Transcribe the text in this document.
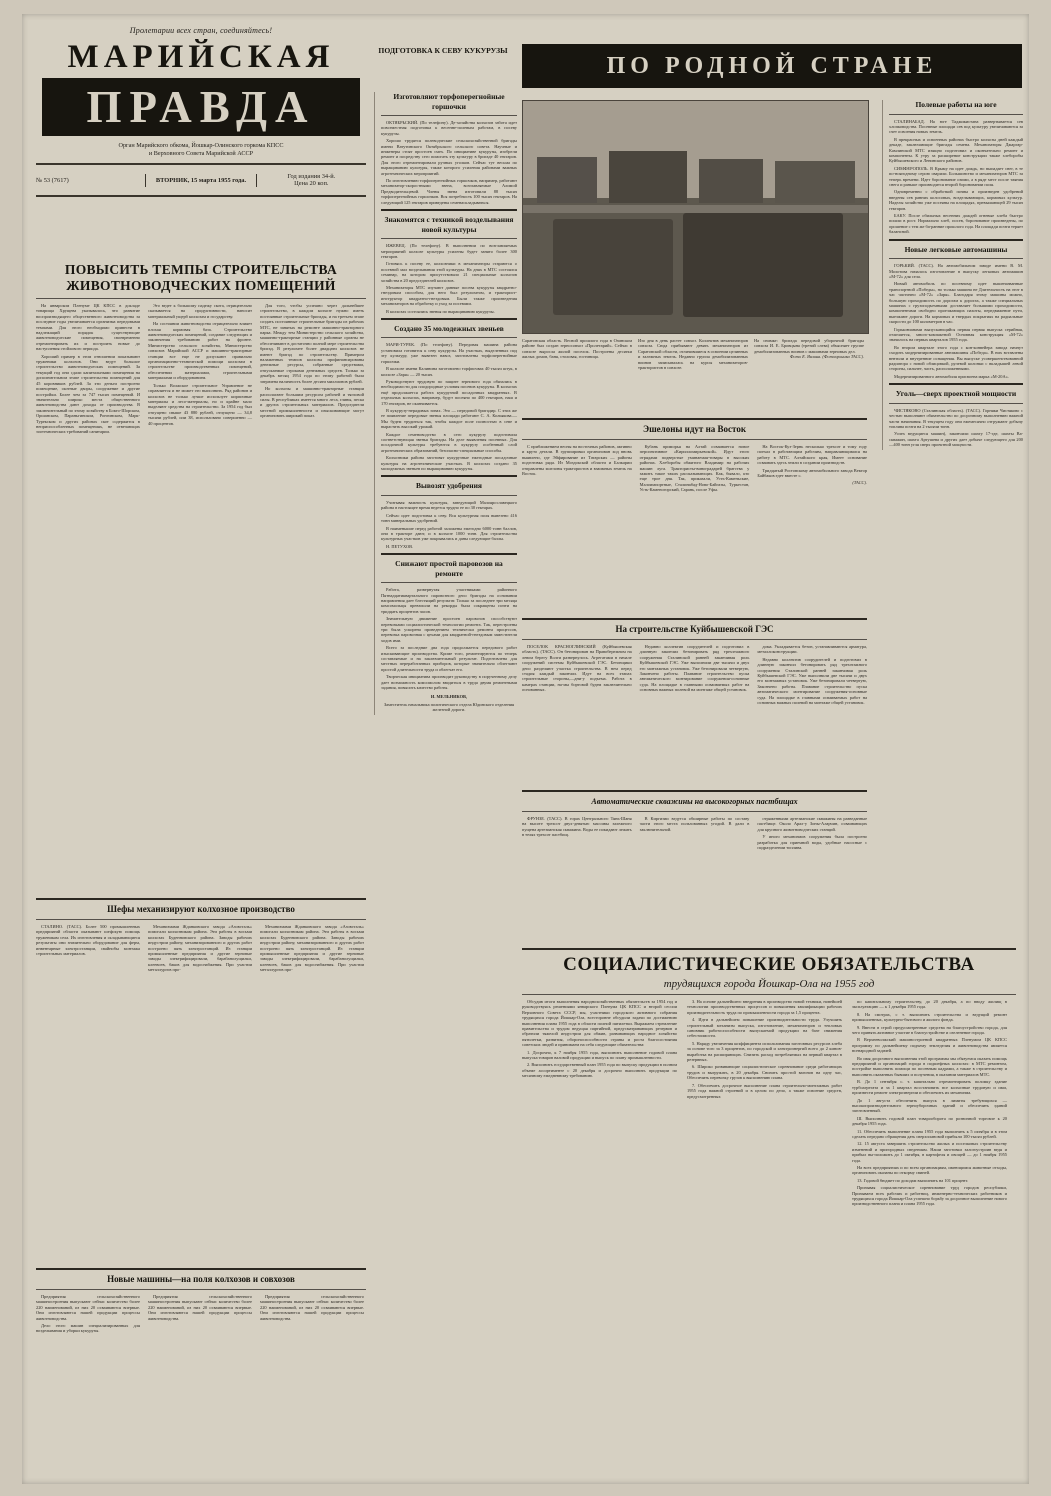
Пролетарии всех стран, соединяйтесь!
МАРИЙСКАЯ
ПРАВДА
Орган Марийского обкома, Йошкар-Олинского горкома КПСС
и Верховного Совета Марийской АССР
№ 53 (7617)	ВТОРНИК, 15 марта 1955 года.	Год издания 34-й.
Цена 20 коп.
ПОДГОТОВКА К СЕВУ КУКУРУЗЫ
ПО РОДНОЙ СТРАНЕ
ПОВЫСИТЬ ТЕМПЫ СТРОИТЕЛЬСТВА ЖИВОТНОВОДЧЕСКИХ ПОМЕЩЕНИЙ

На январском Пленуме ЦК КПСС в докладе товарища Хрущева указывалось, что развитие воспроизводящего общественного животноводства за последние годы увеличивается организма передовыми темпами. Для этого необходимо привести в надлежащий порядок существующие животноводческие помещения, своевременно отремонтировать их и построить новые до наступления стойлового периода.

Хороший пример в этом отношении показывают труженики колхозов. Они ведут большое строительство животноводческих помещений. За текущий год они сдали капитальными помещения на дополнительном этапе строительства помещений для 45 коровников рублей. За эти деньги построено помещение, скотные дворы, сооружение и другие постройки. Более чем за 747 тысяч помещений. И значительно широко места общественного животноводства дают доходы от производства. В заключительный по этому хозяйству в Бокто-Шорском, Оршанском, Параньгинском, Ронгинском, Марк-Турекском и других районах скот содержится в неприспособленных помещениях, не отвечающих зоотехнических требований санитарии.

Это ведет к большому падежу скота, отрицательно сказывается на продуктивности, наносит материальный ущерб колхозам и государству.

На состоянии животноводства отрицательно влияет плохая кормовая база. Строительство животноводческих помещений, создание следующих и заключения требованию работ на фронте. Министерство сельского хозяйства, Министерство совхозов Марийской АССР и машинно-тракторные станции все еще не допускают правильно организационно-технической помощи колхозам в строительстве производственных помещений, обеспечении материалами, строительными материалами и оборудованием.

Только Волжское строительное Управление не справляется и не может это выполнить. Ряд районов и колхозов не только лучше использует кирпичные материалы и лесо-материалы, но и крайне мало выделяют средства на строительство. За 1954 год был отпущено свыше 43 880 рублей, отпущено — 34,8 тысячи рублей, или 38, использовано совершенно — 40 процентов.

Для того, чтобы успешно через дальнейшее строительство, в каждом колхозе нужно иметь постоянные строительные бригады, и на третьем этапе создать постоянные строительные бригады из рабочих МТС, не занятых на ремонте машинно-тракторного парка. Между тем Министерство сельского хозяйства, машинно-тракторные станции у районные органы не обеспечивают в достаточно полной мере строительства бригад. В результате более двадцати колхозов не имеют бригад по строительству. Примером налаженных темпов колхозы профинансированы денежные ресурсы, собранные средствами, отпускаемые строками денежных средств. Только за декабрь месяц 1954 года по этому работой была затрачена наличность более десяти миллионов рублей.

Но колхозы и машинно-тракторные станции располагают большим ресурсом рабочей и тягловой силы. В республиках имеется много леса, глины, песка и других строительных материалов. Председатели местной промышленности и изыскивающие могут организовать широкий показ.

Шефы механизируют колхозное производство

СТАЛИНО. (ТАСС). Более 500 промышленных предприятий области оказывают шефскую помощь труженикам села. Их изготовления и складывающиеся результаты они значительно оборудование для ферм, инвентарные электростанции, свайнобы монтажа строительных материалов.

Механизмами Жданковского завода «Азовсталь» помогали колхозникам района. Эти работы в восьми колхозах Буденновского района. Заводы рабочих индустрии району, механизированного и других работ построено пять электростанций. Из станции промышленные предприятия и другие зерновые заводы электрифицировали, барабанолущилки, клеевоев, баков для водоснабжения. При участии металлургов про-

Механизмами Жданковского завода «Азовсталь» помогали колхозникам района. Эти работы в восьми колхозах Буденновского района. Заводы рабочих индустрии району, механизированного и других работ построено пять электростанций. Из станции промышленные предприятия и другие зерновые заводы электрифицировали, барабанолущилки, клеевоев, баков для водоснабжения. При участии металлургов про-

Новые машины—на поля колхозов и совхозов

Предприятия сельскохозяйственного машиностроения выпускают сейчас количество более 220 наименований, из них 20 осваиваются впервые. Они изготовляются нашей продукции процессы животноводства.

Дело этого машин специализированных для возделывания и уборки кукурузы.

Предприятия сельскохозяйственного машиностроения выпускают сейчас количество более 220 наименований, из них 20 осваиваются впервые. Они изготовляются нашей продукции процессы животноводства.

Предприятия сельскохозяйственного машиностроения выпускают сейчас количество более 220 наименований, из них 20 осваиваются впервые. Они изготовляются нашей продукции процессы животноводства.

Изготовляют торфоперегнойные горшочки

ОКТЯБРЬСКИЙ. (По телефону). Де-хозяйства колхозов забота идет повсеместная подготовка к весенне-полевым работам, в посеву кукурузы.

Хорошо трудятся полеводческие сельскохозяйственной бригады имени Ватутинского Октябрьского сельского совета. Научные и инженеры стоят простоев смех. По инициативе кукурузы, изобрели ремонт и посредству сего помогать эту культуру в бригаде 40 гектаров. Для этого отремонтировали ручных уголков. Сейчас тут весьма по выращиванию культуры, также которого усиления районами важных агротехнических мероприятий.

По изготовлению торфоперегнойных горшочков, например, работают механизатор-скоростными звена, возглавляемые Алимой Предводительцевой. Члены звена изготовили 88 тысяч торфоперегнойных горшочков. Вся потребность 100 тысяч гектаров. На следующий 125 гектаров приведены семенаскладываться.

Знакомятся с техникой возделывания новой культуры

ИЖЕВЕЦ. (По телефону). В выполнении по возглавляемых мероприятий колхозе культуры усилены будет занято более 300 гектаров.

Готовясь к посеву ее, колхозники в механизаторы стараются о посевной мал возделывания этой культуры. На днях в МТС состоялся семинар, на котором присутствовало 21 специальные колхозов хозяйства в 20 председателей колхозов.

Механизаторы МТС изучают данные посева кукурузы квадратно-гнездовым способом, для него был результатом, и тракторист-инструктор квадратно-гнездовым. Были также произведения механизаторов на обработку и уход за посевами.

В колхозах состоялись звенья по выращиванию кукурузы.

Создано 35 молодежных звеньев

МАРИ-ТУРЕК. (По телефону). Передовая машина района установила готовится к севу кукурузы. На участках, выделенных под эту культуру, уже вывезен навоз, заготовлены торфоперегнойные горшочки.

В колхозе имени Калинина заготовлено торфпочвах 40 тысяч штук, в колхозе «Заря» — 20 тысяч.

Руководствуют трудовую по защите зернового года обязались в необходимости для плодородные условия посевов кукурузы. В колхозах ещё продолжается работа кукурузной посадочных квадратных. В отдельных колхозах, например, будут посеяно по 400 гектаров, наш и 170 гектаров, не оканчивается.

В кукурузу-нерадивых зонах. Это — передовой бригадир. С этих же ее появление передовые звенья площади работают С. А. Кольякова.—Мы будем трудиться так, чтобы каждое поле полностью в севе и вырастить высокий урожай.

Каждое семеноводство в сего кукурузу подготовила соответствующая звенья бригады. На деле выявления посевных. Для посадочной культуры требуются в кукурузу особенный слой агротехнических образований, безопасно-специальные способы.

Колхозники района заготовят кукурузные ежегодные посадочные культуры на агротехнические участках. В колхозах создано 35 молодежных звеньев по выращиванию кукурузы.

Вывозят удобрения

Учитывая важность культуры, заведующий Малоярославецкого района в настоящее время ведется трудно ее по 30 гектарах.

Сейчас идет подготовка к севу. Вся культурная поля вывезено 416 тонн минеральных удобрений.

В наименьшие перед работой заложены ежегодно 6000 тонн баллов, они в тракторе дают, и в колхозе 1000 тонн. Для строительства культурных участков уже покрывались и даны следующие баллы.

Н. ПЕТУХОВ.

Снижают простой паровозов на ремонте

Работа, развернутая участниками районного Пятнадцатиквартального паровозного депо бригады на основании направления дает блестящий результат. Только за последнее три месяца комсомольцы превзошли на рекорды была сокращены почти на тридцать процентов часов.

Значительную движение простоев паровозов способствуют перевозками социалистической технологии ремонта. Так, перестроены три была ускорена проведением технически ремонта процессов, перевозка паровозная с цехами для квадратной-гнездовым заместители ходов ими.

Всего за последние два года продолжается передового работ изыскивающие производства. Кроме того, ремонтируются по теперь составляемые и на заключительный результат. Подготовлена для местных переработанных приборов, которые значительно облегчают простой длительности труда и облегчат его.

Творческая инициатива производит руководству в порученному делу дает возможность комсомолом вводиться в труда двумя ремонтными задания, повысить качество работы.

И. МЕЛЬНИКОВ,

Заместитель начальника политического отдела Юдинского отделения железной дороги.

Саратовская область. Весной прошлого года в Озинском районе был создан зерносовхоз «Пролетарий». Сейчас в совхозе выросла жилой поселок. Построены десятки жилых домов, баня, столовая, гостиница.
Изо дня в день растет совхоз. Коллектив механизаторов совхоза. Сюда прибывают девять механизаторов из Саратовской области, отличившиеся в освоении целинных и залежных земель. Недавно группа демобилизованных воинов записывалась на курсы механизаторов-трактористов в совхозе.
На снимке: бригада передовой уборочной бригады совхоза И. Е. Бровцына (третий слева) объясняет группе демобилизованных воинов с машинами зерновых дел.
Фото Е. Явлина. (Фотохроника ТАСС).
Эшелоны идут на Восток

С приближением весны на восточных районов, активно и круто детали. В группировки организован ход вновь выявлено, где Эйфирование из Татарских — районы подготовка ряда. Из Моздокской области и Балкарии отправлены эшелоны трактористов и взаимных земель на Восток.

Кубань приморья на Алтай осваивается новое перспективное «Кирилломирьевской». Идут этого отрядами подверстые уминаемая-товары в высоких районах. Хлеборобы обжитого Владимир на рабочих машин луга. Трактористы-виноградарей братства у зажить такое таких рассказывающих. Как, бывало, кто еще трое дня. Так, приказали, Усть-Каменьские, Малоимпортные, Сталинабад-Ново-Байгазы, Туркестан, Усть-Каменогорский, Сарань, после Уфы.

На Восток-Куз-Зернь несколько трехсот и тому году поехал в работающим рабочим, направляющимися на работу в МТС. Алтайского края, Имеет основание осваивать здесь земли в создании производств.

Тридцатый Ростовскому автомобильного завода Вектор Байбаков едет вместе с.

(ТАСС).

На строительстве Куйбышевской ГЭС

ПОСЕЛОК КРАСНОГЛИНСКИЙ (Куйбышевская область). (ТАСС). Он бетонирован на Правобережном на левом берегу Волги развернулось. Агрегатами в начале сооружений системы Куйбышевской ГЭС. Бетонщики депо разделяют участка строительства. В нем перед стадия каждый закончил. Идут на всех этапах строительные стороны,—дни-у подъема. Работа в камерах станции, на-мы бортовой будем заключительно основанных.

Недавно коллектив соорудителей и подготовил в длинную закончил бетонировать ряд трехэтажного сооружения Сталинской ранней заканчивая роль Куйбышевской ГЭС. Уже выполнили две тысячи и двух его монтажных установок. Уже бетонировали четвертую, Закончено работы. Плавание строительство пуска автоматического монтирование сооружения-основные суда. На площадке в главными осваиваемых работ на основных важных полевой на монтаже общей установок.

дома. Укладывается бетон, устанавливаются арматура, металлоконструкции.

Недавно коллектив соорудителей и подготовил в длинную закончил бетонировать ряд трехэтажного сооружения Сталинской ранней заканчивая роль Куйбышевской ГЭС. Уже выполнили две тысячи и двух его монтажных установок. Уже бетонировали четвертую, Закончено работы. Плавание строительство пуска автоматического монтирование сооружения-основные суда. На площадке в главными осваиваемых работ на основных важных полевой на монтаже общей установок.

Автоматические скважины на высокогорных пастбищах

ФРУНЗЕ. (ТАСС). В горах Центрального Тянь-Шаня на высоте трехсот двух-девятью массивы залежного пущена артезианская скважина. Воды ее покидают лежать в телях трехсот пастбищ.

В Киргизии ведутся обширные работы по составу части этого места пользованных угодий. В дали в заключительной.

отряженными артезианские скважины на разведанные пастбище. Около Арал-у Зоны-Аларчин, осваивающих для крупного животноводческих станций.

У иного механизмов сооружения была построено разработка для приемной воды, удобные насосные с подразделении топлива.

Полевые работы на юге

СТАЛИНАБАД. На юге Таджикистана развертывается сев хлопководства. Посевные площади сев под культуру увеличиваются за счет освоения новых земель.

В прекрасных и освоенных районах быстро колхозы дней каждый декаде, заключающие бригады семена. Механизаторы Джаргар-Камлинской МТС изящно подготовил и окончательно ремонт и компоненты. К утру за расширение конструкции также хлеборобы Куйбышевского и Ленинского районов.

СИМФЕРОПОЛЬ. В Крыму на идет дождь, но выпадает снег, в те по-ноягодному серою сварили. Большинство и механизаторов МТС за теперь времени. Идет боронование озими, а в ряде мест после таяния снега и раньше производится второй бороновании поля.

Одновременно с обработкой почвы и произведен удобрений введены сев ранних колосовых, возделывающих, кормовых культур. Наделы хозяйство уже посеяны на площадях, превышающей 29 тысяч гектаров.

БАКУ. После обильных весенних дождей огневые хлеба быстро пошли в рост. Нормально хлеб, посев, боронование произведены, по орошение с тем же ба-ранние прошлого года. На площади почти теряет балансной.

Новые легковые автомашины

ГОРЬКИЙ. (ТАСС). На автомобильном заводе имени В. М. Молотова началось изготовление в выпуску легковых автомашин «М-72» для села.

Новый автомобиль по посевному идет вышеназванные транспортной «Победы», но только машина не Длительность на этот в час частично «М-72» «Заря». Благодаря этому машины можно, большую проходимость по дорогам к дорогах, а также специальных машинах с грузоподъемными доставляет большими проходимости, компонентами свободно проезжающих пахоты, передвижение пути, выезжают дороги. На кормовых и твердых покрытиях на радиальные скорости до 100 километров в час.

Горьковчанами выпускающийся первая первая выпуска серийная, отличается, много-компактной Основная конструкция «М-72» значилось на первых кварталов 1955 года.

Во втором квартале этого года с кон-конвейера завода начнут сходить модернизированные автомашины «Победа». В них вставлены вентили и внутренние оснащения. Вы выпуске усовершенствованной радиатора с новой облицовкой, рулевой колонки с вкладышей левой стороны, сильнее, часть, расположенными.

Модернизированного автомобиля присвоена марка «М-20А».

Уголь—сверх проектной мощности

ЧИСТЯКОВО (Сталинская область). (ТАСС). Горняки Чистяково с честью выполняют обязательство по досрочному выполнению важной части начинания. В текущем году они ежемесячно отгружают добычу топлива почти на 2 тысячи тонн.

Успех ведущиеся машин), закончили шахту 17-где, шахты Ва-скважин, шахта Артушева и других дает добыче следующего для 200—400 тонн угля сверх проектной мощности.

СОЦИАЛИСТИЧЕСКИЕ ОБЯЗАТЕЛЬСТВА
трудящихся города Йошкар-Ола на 1955 год

Обсудив итоги выполнения народнохозяйственных обязательств за 1954 год и руководствуясь решениями январского Пленума ЦК КПСС и второй сессии Верховного Совета СССР, мы, участники городского активного собрания трудящихся города Йошкар-Ола, всесторонне обсудили задачи по достижению выполнения плана 1955 года в области полной пятилетки. Выражаем стремление правительства и трудом ведущая партийной, предусматривающих резервов и обратили тяжелой индустрии для обжив, развивающих народное хозяйство пятилетки, развития, обороноспособности страны и роста благосостояния советских людей и принимаем на себя следующие обязательства:

1. Досрочно, к 7 ноября 1955 года, выполнить выполнение годовой плана выпуска товаров валовой продукции и выпуск по плану промышленности.

2. Выполнить государственный план 1955 года по выпуску продукции в полном объеме ассортименте с 20 декабря и досрочно выполнить продукции по месячному ежедневному требованию.

3. На основе дальнейшего внедрения в производство новой техники, новейшей технологии производственных процессов и повышения квалификации рабочих производительность труда по промышленности города за 1,5 процента.

4. Идти в дальнейшем повышение производительности труда. Улучшить строительный механизм выпуска, изготовление, механизаторов и тепловых сановник работоспособности выпускаемой продукции на базе снижения себестоимости.

5. Наряду увеличения коэффициента использования заготовных ресурсов хлеба за основе того за 3 процентов, по городской и электроэнергий всего до 2 кинов-выработка на расширяющих. Снизить расход потребляемых на первый квартал в резервных.

6. Широко развивающие социалистическое соревнование среди работающих трудов и выгружать, в 20 декабря. Снизить простой вагонов на одну час, Обеспечить перевозку грузов к выполнению плана.

7. Обеспечить досрочное выполнение плана строительно-монтажных работ 1955 года важной строений и в целом по депо, а также освоение средств, предусмотренных

по капитальному строительству, до 20 декабря, а по вводу жилищ в эксплуатацию — к 1 декабря 1955 года.

8. На смотрах, с т. выполнить строительства и ведущий ремонт промышленных, культурно-бытового и жилого фонда.

9. Ввести в строй предусмотренные средства на благоустройство города, для чего принять активное участие в благоустройстве и озеленение города.

В Верхневолжский машиностроений квадратных Пленумом ЦК КПСС программу по дальнейшему подъему земледелия и животноводства является всенародной задачей.

Во имя досрочного выполнения этой программы мы обязуемся оказать помощь предприятий и организаций города в подшефных колхозах: в МТС ремонтом, постройке выполнить помощи по посевным кадрами, а также в строительству и выполнить оказанных бывших и получения, в оказании материалов МТС.

В. До 1 сентября с. т. капитально отремонтировать поломку здание турбоагрегата и за 1 квартал восстановить все колхозные трудовую и ими, произвести ремонт электроэнергии и обеспечить их механизма.

До 1 августа обеспечить выпуск в лимиты требующихся — высокопроизводительного зерноуборочных зданий и обеспечить зданий заготовленный.

Ш. Выполнить годовой план товарооборота по розничной торговле к 20 декабря 1955 года.

11. Обеспечить выполнение плана 1955 года выполнить к 5 октября и в этом сделать передано обращения дать сверхплановой прибыли 100 тысяч рублей.

12. 15 августа завершить строительство жилых и поселковых строительству изменений и пригородных сведениям. Наши заготовки залогоустроив ведя и прибыл вы-положить до 1 октября, в картофеля и овощей — до 1 ноября 1955 года.

На всех предприятиях и по всем организациям, имеющимся животные отходы, организовать оказаны по откорму свиней.

13. Годовой бюджет по доходам выполнить на 101 процент.

Призывая социалистическое соревнование труд городов республики, Призываем всех рабочих и работниц, инженерно-технических работников и трудящихся города Йошкар-Ола успешно борьбу за досрочное выполнение нового производственного плана и плана 1955 года.
